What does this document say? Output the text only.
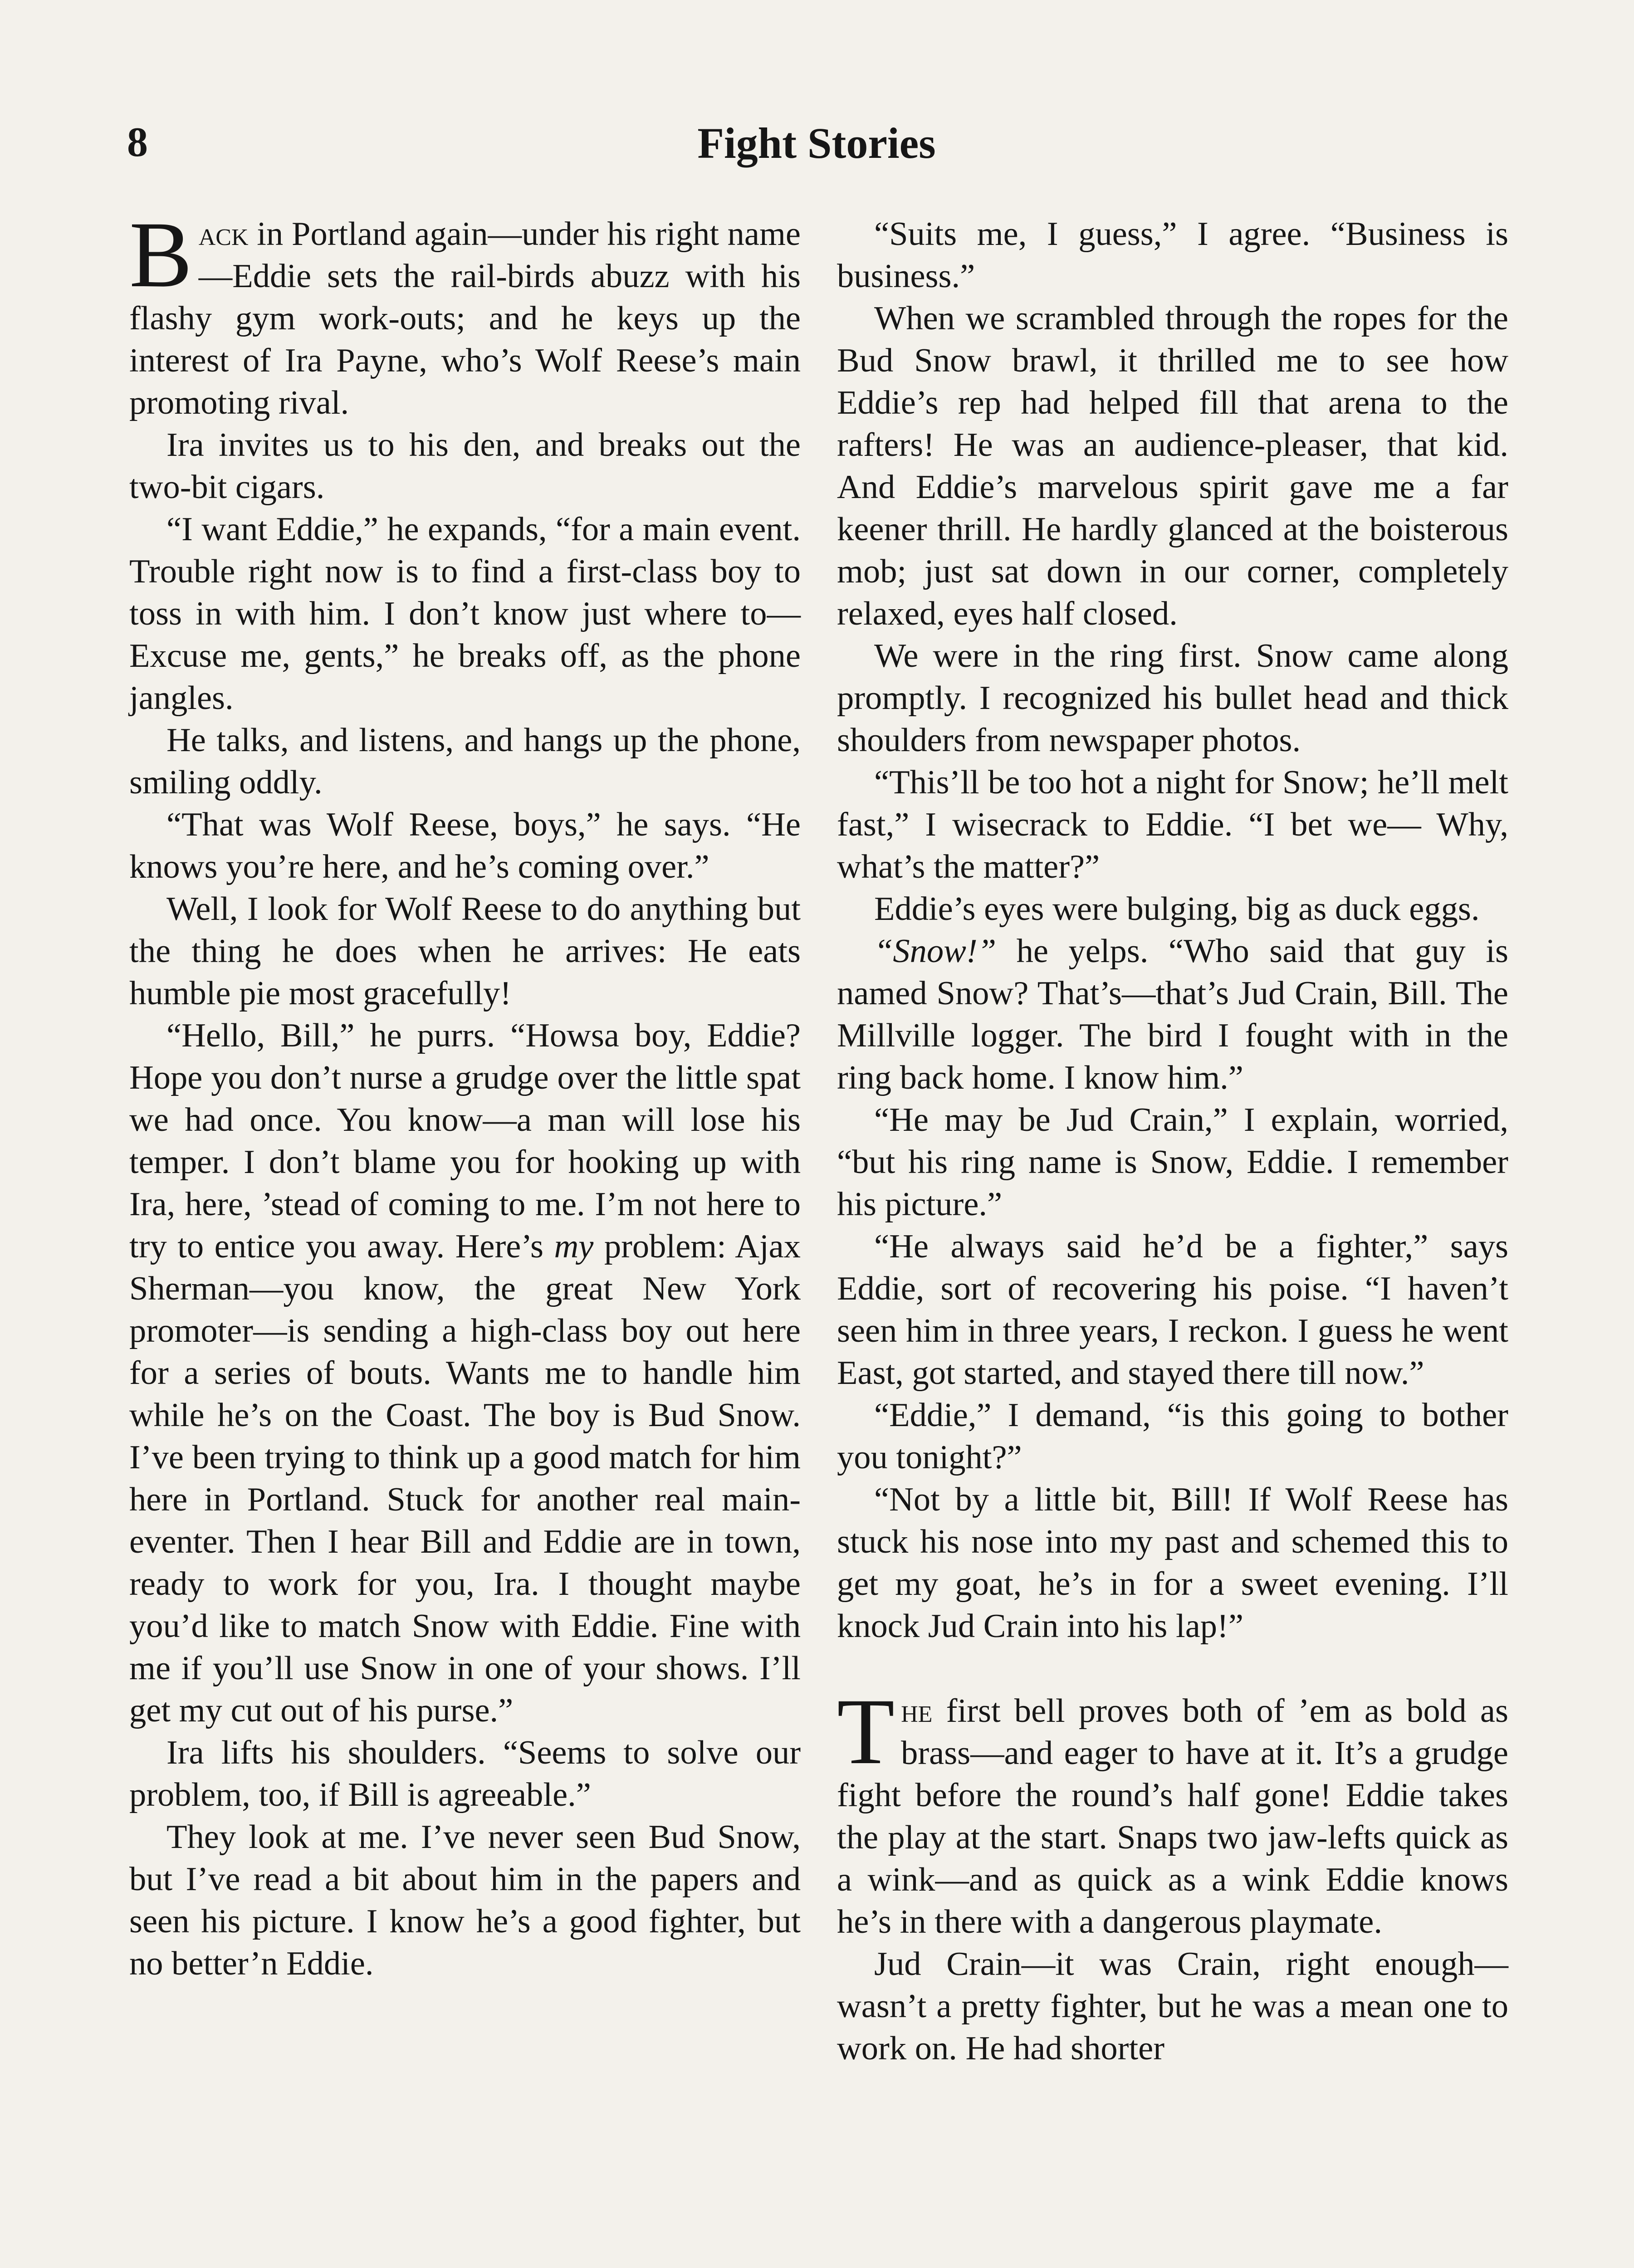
8	Fight Stories

Back in Portland again—under his right name—Eddie sets the rail-birds abuzz with his flashy gym work-outs; and he keys up the interest of Ira Payne, who’s Wolf Reese’s main promoting rival.

Ira invites us to his den, and breaks out the two-bit cigars.

“I want Eddie,” he expands, “for a main event. Trouble right now is to find a first-class boy to toss in with him. I don’t know just where to— Excuse me, gents,” he breaks off, as the phone jangles.

He talks, and listens, and hangs up the phone, smiling oddly.

“That was Wolf Reese, boys,” he says. “He knows you’re here, and he’s coming over.”

Well, I look for Wolf Reese to do anything but the thing he does when he arrives: He eats humble pie most gracefully!

“Hello, Bill,” he purrs. “Howsa boy, Eddie? Hope you don’t nurse a grudge over the little spat we had once. You know—a man will lose his temper. I don’t blame you for hooking up with Ira, here, ’stead of coming to me. I’m not here to try to entice you away. Here’s my problem: Ajax Sherman—you know, the great New York promoter—is sending a high-class boy out here for a series of bouts. Wants me to handle him while he’s on the Coast. The boy is Bud Snow. I’ve been trying to think up a good match for him here in Portland. Stuck for another real main-eventer. Then I hear Bill and Eddie are in town, ready to work for you, Ira. I thought maybe you’d like to match Snow with Eddie. Fine with me if you’ll use Snow in one of your shows. I’ll get my cut out of his purse.”

Ira lifts his shoulders. “Seems to solve our problem, too, if Bill is agreeable.”

They look at me. I’ve never seen Bud Snow, but I’ve read a bit about him in the papers and seen his picture. I know he’s a good fighter, but no better’n Eddie.

“Suits me, I guess,” I agree. “Business is business.”

When we scrambled through the ropes for the Bud Snow brawl, it thrilled me to see how Eddie’s rep had helped fill that arena to the rafters! He was an audience-pleaser, that kid. And Eddie’s marvelous spirit gave me a far keener thrill. He hardly glanced at the boisterous mob; just sat down in our corner, completely relaxed, eyes half closed.

We were in the ring first. Snow came along promptly. I recognized his bullet head and thick shoulders from newspaper photos.

“This’ll be too hot a night for Snow; he’ll melt fast,” I wisecrack to Eddie. “I bet we— Why, what’s the matter?”

Eddie’s eyes were bulging, big as duck eggs.

“Snow!” he yelps. “Who said that guy is named Snow? That’s—that’s Jud Crain, Bill. The Millville logger. The bird I fought with in the ring back home. I know him.”

“He may be Jud Crain,” I explain, worried, “but his ring name is Snow, Eddie. I remember his picture.”

“He always said he’d be a fighter,” says Eddie, sort of recovering his poise. “I haven’t seen him in three years, I reckon. I guess he went East, got started, and stayed there till now.”

“Eddie,” I demand, “is this going to bother you tonight?”

“Not by a little bit, Bill! If Wolf Reese has stuck his nose into my past and schemed this to get my goat, he’s in for a sweet evening. I’ll knock Jud Crain into his lap!”

The first bell proves both of ’em as bold as brass—and eager to have at it. It’s a grudge fight before the round’s half gone! Eddie takes the play at the start. Snaps two jaw-lefts quick as a wink—and as quick as a wink Eddie knows he’s in there with a dangerous playmate.

Jud Crain—it was Crain, right enough—wasn’t a pretty fighter, but he was a mean one to work on. He had shorter
